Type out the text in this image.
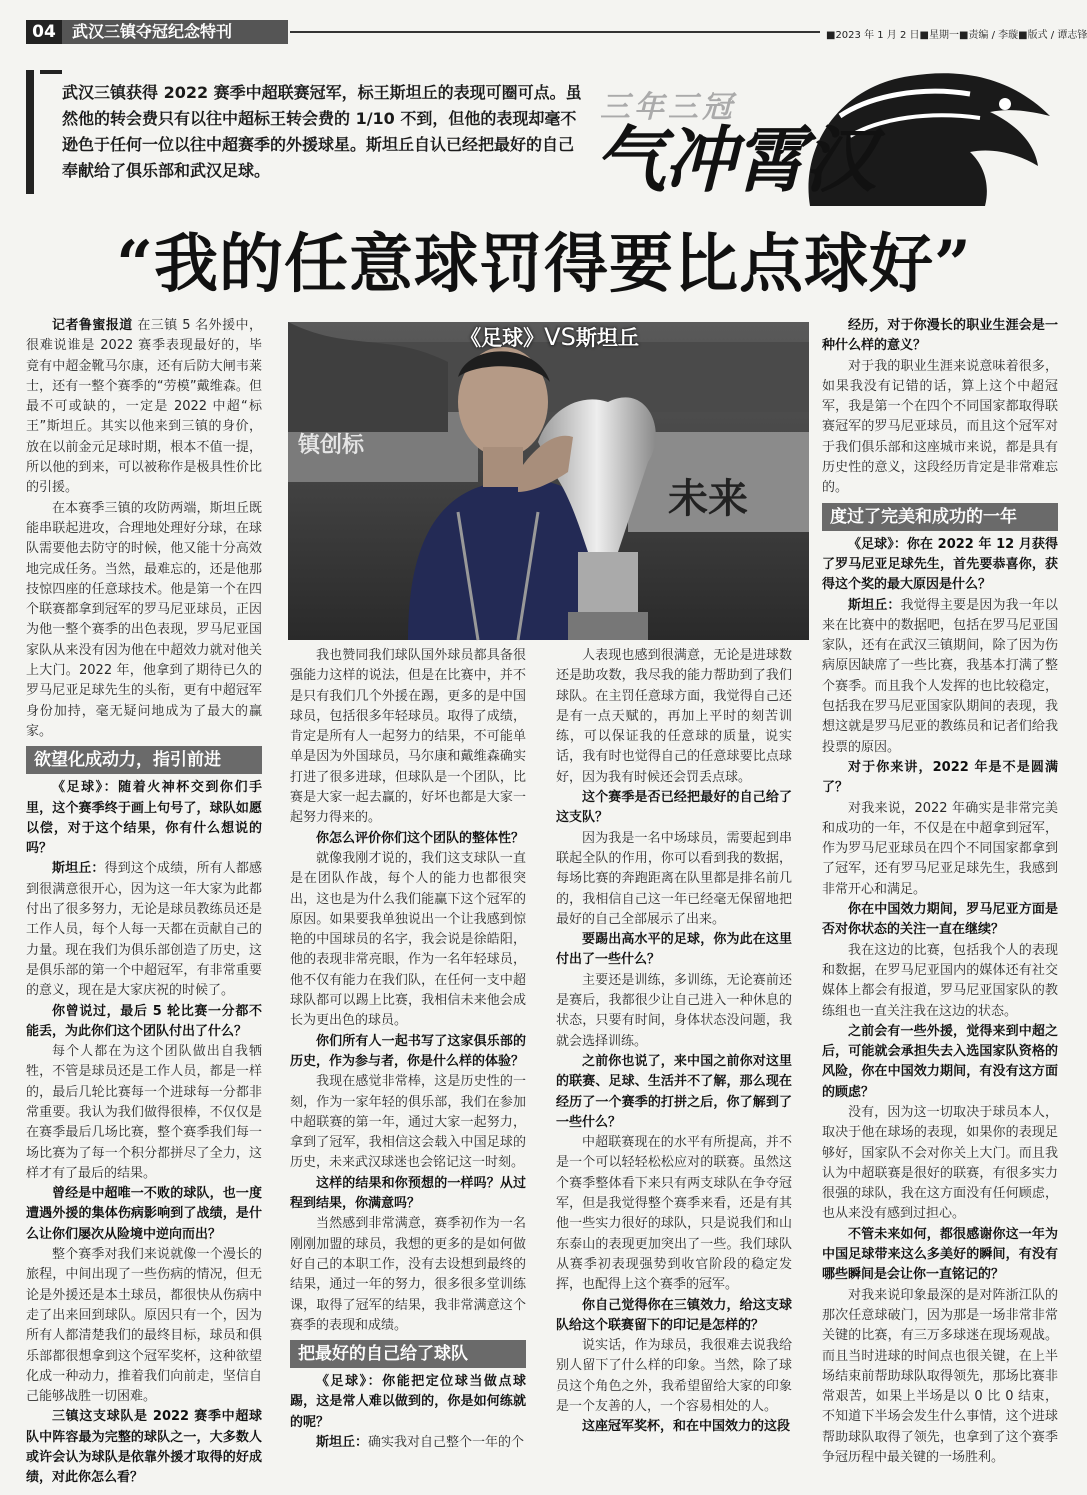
04	武汉三镇夺冠纪念特刊	■2023 年 1 月 2 日■星期一■责编 / 李璇■版式 / 谭志锋
武汉三镇获得 2022 赛季中超联赛冠军，标王斯坦丘的表现可圈可点。虽然他的转会费只有以往中超标王转会费的 1/10 不到，但他的表现却毫不逊色于任何一位以往中超赛季的外援球星。斯坦丘自认已经把最好的自己奉献给了俱乐部和武汉足球。
三年三冠
气冲霄汉
“我的任意球罚得要比点球好”
镇创标
未来
《足球》VS斯坦丘

记者鲁蜜报道 在三镇 5 名外援中，很难说谁是 2022 赛季表现最好的，毕竟有中超金靴马尔康，还有后防大闸韦莱士，还有一整个赛季的“劳模”戴维森。但最不可或缺的，一定是 2022 中超“标王”斯坦丘。其实以他来到三镇的身价，放在以前金元足球时期，根本不值一提，所以他的到来，可以被称作是极具性价比的引援。

在本赛季三镇的攻防两端，斯坦丘既能串联起进攻，合理地处理好分球，在球队需要他去防守的时候，他又能十分高效地完成任务。当然，最难忘的，还是他那技惊四座的任意球技术。他是第一个在四个联赛都拿到冠军的罗马尼亚球员，正因为他一整个赛季的出色表现，罗马尼亚国家队从来没有因为他在中超效力就对他关上大门。2022 年，他拿到了期待已久的罗马尼亚足球先生的头衔，更有中超冠军身份加持，毫无疑问地成为了最大的赢家。

欲望化成动力，指引前进

《足球》：随着火神杯交到你们手里，这个赛季终于画上句号了，球队如愿以偿，对于这个结果，你有什么想说的吗？

斯坦丘：得到这个成绩，所有人都感到很满意很开心，因为这一年大家为此都付出了很多努力，无论是球员教练员还是工作人员，每个人每一天都在贡献自己的力量。现在我们为俱乐部创造了历史，这是俱乐部的第一个中超冠军，有非常重要的意义，现在是大家庆祝的时候了。

你曾说过，最后 5 轮比赛一分都不能丢，为此你们这个团队付出了什么？

每个人都在为这个团队做出自我牺牲，不管是球员还是工作人员，都是一样的，最后几轮比赛每一个进球每一分都非常重要。我认为我们做得很棒，不仅仅是在赛季最后几场比赛，整个赛季我们每一场比赛为了每一个积分都拼尽了全力，这样才有了最后的结果。

曾经是中超唯一不败的球队，也一度遭遇外援的集体伤病影响到了战绩，是什么让你们屡次从险境中逆向而出？

整个赛季对我们来说就像一个漫长的旅程，中间出现了一些伤病的情况，但无论是外援还是本土球员，都很快从伤病中走了出来回到球队。原因只有一个，因为所有人都清楚我们的最终目标，球员和俱乐部都很想拿到这个冠军奖杯，这种欲望化成一种动力，推着我们向前走，坚信自己能够战胜一切困难。

三镇这支球队是 2022 赛季中超球队中阵容最为完整的球队之一，大多数人或许会认为球队是依靠外援才取得的好成绩，对此你怎么看？

我也赞同我们球队国外球员都具备很强能力这样的说法，但是在比赛中，并不是只有我们几个外援在踢，更多的是中国球员，包括很多年轻球员。取得了成绩，肯定是所有人一起努力的结果，不可能单单是因为外国球员，马尔康和戴维森确实打进了很多进球，但球队是一个团队，比赛是大家一起去赢的，好坏也都是大家一起努力得来的。

你怎么评价你们这个团队的整体性？

就像我刚才说的，我们这支球队一直是在团队作战，每个人的能力也都很突出，这也是为什么我们能赢下这个冠军的原因。如果要我单独说出一个让我感到惊艳的中国球员的名字，我会说是徐皓阳，他的表现非常亮眼，作为一名年轻球员，他不仅有能力在我们队，在任何一支中超球队都可以踢上比赛，我相信未来他会成长为更出色的球员。

你们所有人一起书写了这家俱乐部的历史，作为参与者，你是什么样的体验？

我现在感觉非常棒，这是历史性的一刻，作为一家年轻的俱乐部，我们在参加中超联赛的第一年，通过大家一起努力，拿到了冠军，我相信这会载入中国足球的历史，未来武汉球迷也会铭记这一时刻。

这样的结果和你预想的一样吗？从过程到结果，你满意吗？

当然感到非常满意，赛季初作为一名刚刚加盟的球员，我想的更多的是如何做好自己的本职工作，没有去设想到最终的结果，通过一年的努力，很多很多堂训练课，取得了冠军的结果，我非常满意这个赛季的表现和成绩。

把最好的自己给了球队

《足球》：你能把定位球当做点球踢，这是常人难以做到的，你是如何练就的呢？

斯坦丘：确实我对自己整个一年的个

人表现也感到很满意，无论是进球数还是助攻数，我尽我的能力帮助到了我们球队。在主罚任意球方面，我觉得自己还是有一点天赋的，再加上平时的刻苦训练，可以保证我的任意球的质量，说实话，我有时也觉得自己的任意球要比点球好，因为我有时候还会罚丢点球。

这个赛季是否已经把最好的自己给了这支队？

因为我是一名中场球员，需要起到串联起全队的作用，你可以看到我的数据，每场比赛的奔跑距离在队里都是排名前几的，我相信自己这一年已经毫无保留地把最好的自己全部展示了出来。

要踢出高水平的足球，你为此在这里付出了一些什么？

主要还是训练，多训练，无论赛前还是赛后，我都很少让自己进入一种休息的状态，只要有时间，身体状态没问题，我就会选择训练。

之前你也说了，来中国之前你对这里的联赛、足球、生活并不了解，那么现在经历了一个赛季的打拼之后，你了解到了一些什么？

中超联赛现在的水平有所提高，并不是一个可以轻轻松松应对的联赛。虽然这个赛季整体看下来只有两支球队在争夺冠军，但是我觉得整个赛季来看，还是有其他一些实力很好的球队，只是说我们和山东泰山的表现更加突出了一些。我们球队从赛季初表现强势到收官阶段的稳定发挥，也配得上这个赛季的冠军。

你自己觉得你在三镇效力，给这支球队给这个联赛留下的印记是怎样的？

说实话，作为球员，我很难去说我给别人留下了什么样的印象。当然，除了球员这个角色之外，我希望留给大家的印象是一个友善的人，一个容易相处的人。

这座冠军奖杯，和在中国效力的这段

经历，对于你漫长的职业生涯会是一种什么样的意义？

对于我的职业生涯来说意味着很多，如果我没有记错的话，算上这个中超冠军，我是第一个在四个不同国家都取得联赛冠军的罗马尼亚球员，而且这个冠军对于我们俱乐部和这座城市来说，都是具有历史性的意义，这段经历肯定是非常难忘的。

度过了完美和成功的一年

《足球》：你在 2022 年 12 月获得了罗马尼亚足球先生，首先要恭喜你，获得这个奖的最大原因是什么？

斯坦丘：我觉得主要是因为我一年以来在比赛中的数据吧，包括在罗马尼亚国家队，还有在武汉三镇期间，除了因为伤病原因缺席了一些比赛，我基本打满了整个赛季。而且我个人发挥的也比较稳定，包括我在罗马尼亚国家队期间的表现，我想这就是罗马尼亚的教练员和记者们给我投票的原因。

对于你来讲，2022 年是不是圆满了？

对我来说，2022 年确实是非常完美和成功的一年，不仅是在中超拿到冠军，作为罗马尼亚球员在四个不同国家都拿到了冠军，还有罗马尼亚足球先生，我感到非常开心和满足。

你在中国效力期间，罗马尼亚方面是否对你状态的关注一直在继续？

我在这边的比赛，包括我个人的表现和数据，在罗马尼亚国内的媒体还有社交媒体上都会有报道，罗马尼亚国家队的教练组也一直关注我在这边的状态。

之前会有一些外援，觉得来到中超之后，可能就会承担失去入选国家队资格的风险，你在中国效力期间，有没有这方面的顾虑？

没有，因为这一切取决于球员本人，取决于他在球场的表现，如果你的表现足够好，国家队不会对你关上大门。而且我认为中超联赛是很好的联赛，有很多实力很强的球队，我在这方面没有任何顾虑，也从来没有感到过担心。

不管未来如何，都很感谢你这一年为中国足球带来这么多美好的瞬间，有没有哪些瞬间是会让你一直铭记的？

对我来说印象最深的是对阵浙江队的那次任意球破门，因为那是一场非常非常关键的比赛，有三万多球迷在现场观战。而且当时进球的时间点也很关键，在上半场结束前帮助球队取得领先，那场比赛非常艰苦，如果上半场是以 0 比 0 结束，不知道下半场会发生什么事情，这个进球帮助球队取得了领先，也拿到了这个赛季争冠历程中最关键的一场胜利。
